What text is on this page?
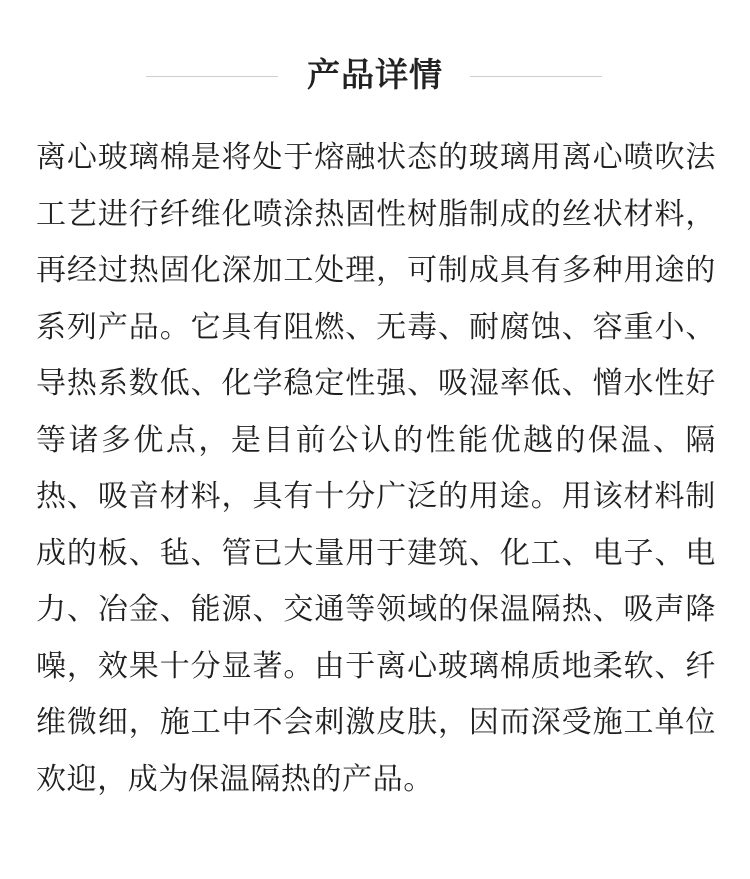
产品详情

离心玻璃棉是将处于熔融状态的玻璃用离心喷吹法工艺进行纤维化喷涂热固性树脂制成的丝状材料，再经过热固化深加工处理，可制成具有多种用途的系列产品。它具有阻燃、无毒、耐腐蚀、容重小、导热系数低、化学稳定性强、吸湿率低、憎水性好等诸多优点，是目前公认的性能优越的保温、隔热、吸音材料，具有十分广泛的用途。用该材料制成的板、毡、管已大量用于建筑、化工、电子、电力、冶金、能源、交通等领域的保温隔热、吸声降噪，效果十分显著。由于离心玻璃棉质地柔软、纤维微细，施工中不会刺激皮肤，因而深受施工单位欢迎，成为保温隔热的产品。
